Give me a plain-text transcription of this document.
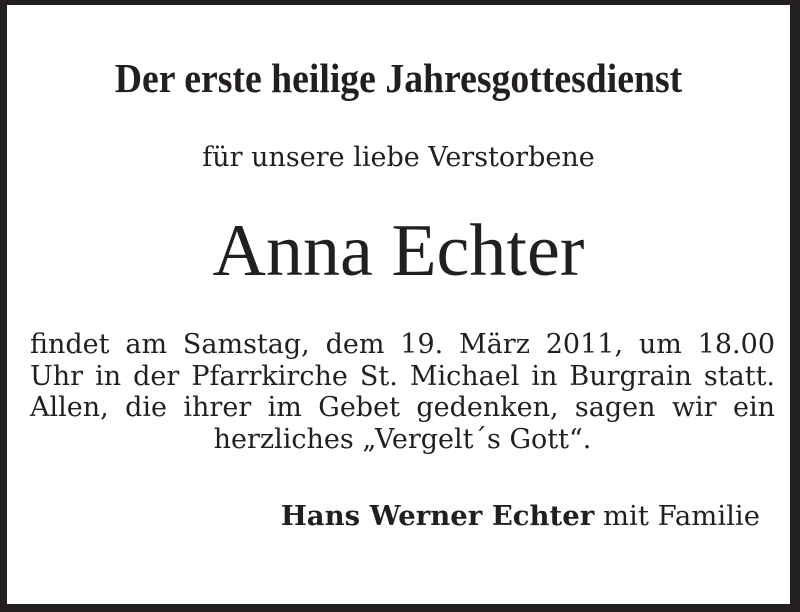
Der erste heilige Jahresgottesdienst
für unsere liebe Verstorbene
Anna Echter
findet am Samstag, dem 19. März 2011, um 18.00
Uhr in der Pfarrkirche St. Michael in Burgrain statt.
Allen, die ihrer im Gebet gedenken, sagen wir ein
herzliches „Vergelt´s Gott“.
Hans Werner Echter mit Familie
